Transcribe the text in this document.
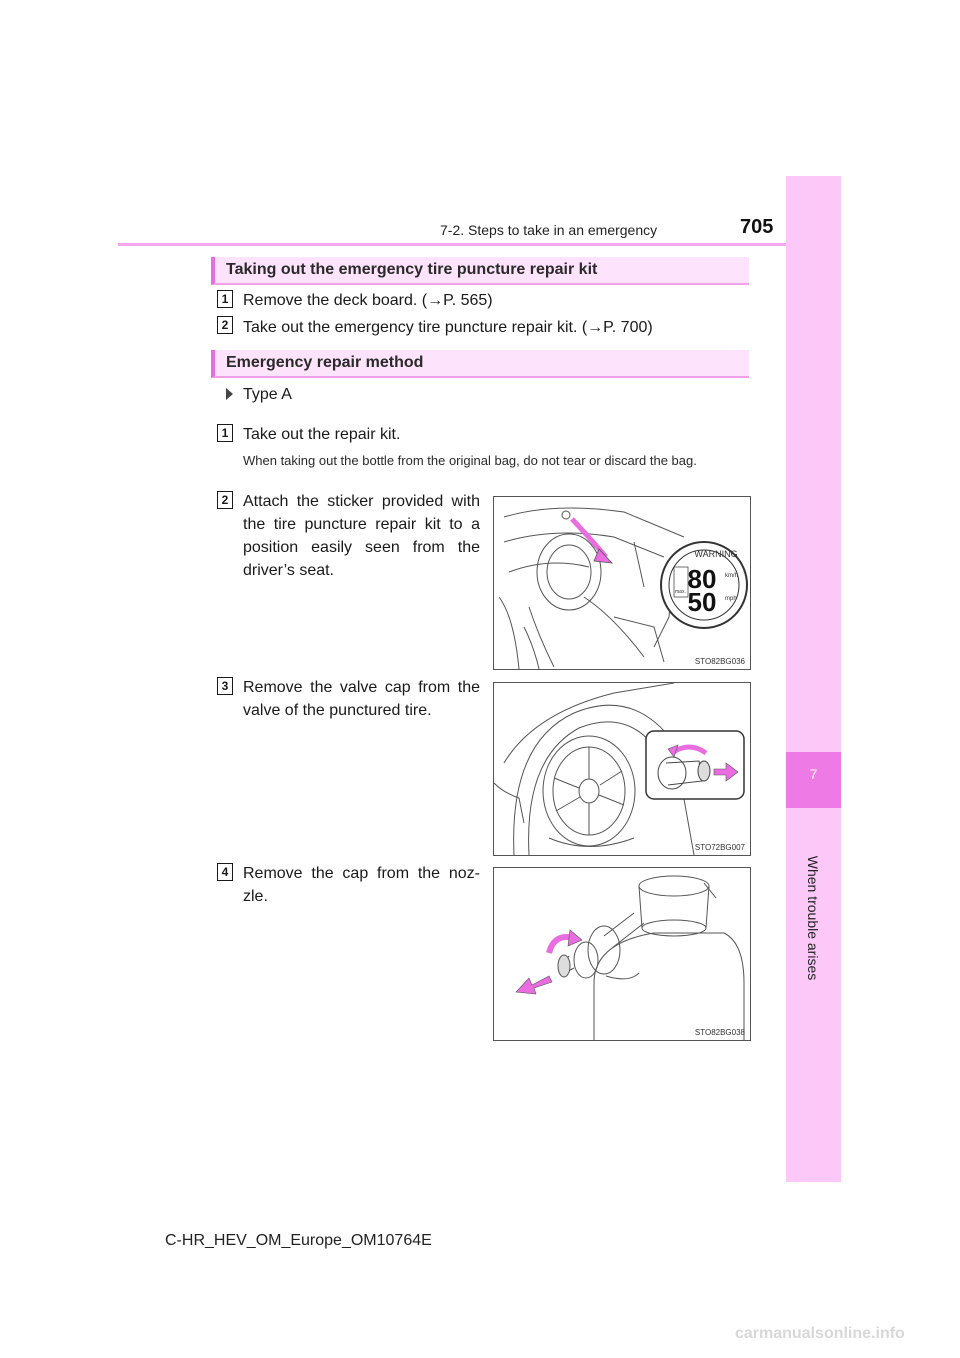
7
When trouble arises
7-2. Steps to take in an emergency	705
Taking out the emergency tire puncture repair kit
1 Remove the deck board. (→P. 565)
2 Take out the emergency tire puncture repair kit. (→P. 700)
Emergency repair method
Type A
1 Take out the repair kit.
When taking out the bottle from the original bag, do not tear or discard the bag.
2 Attach the sticker provided with the tire puncture repair kit to a position easily seen from the driver’s seat.
3 Remove the valve cap from the valve of the punctured tire.
4 Remove the cap from the noz-zle.
WARNING
80 km/h
50 mph
max.
STO82BG036
STO72BG007
STO82BG038
C-HR_HEV_OM_Europe_OM10764E
carmanualsonline.info
